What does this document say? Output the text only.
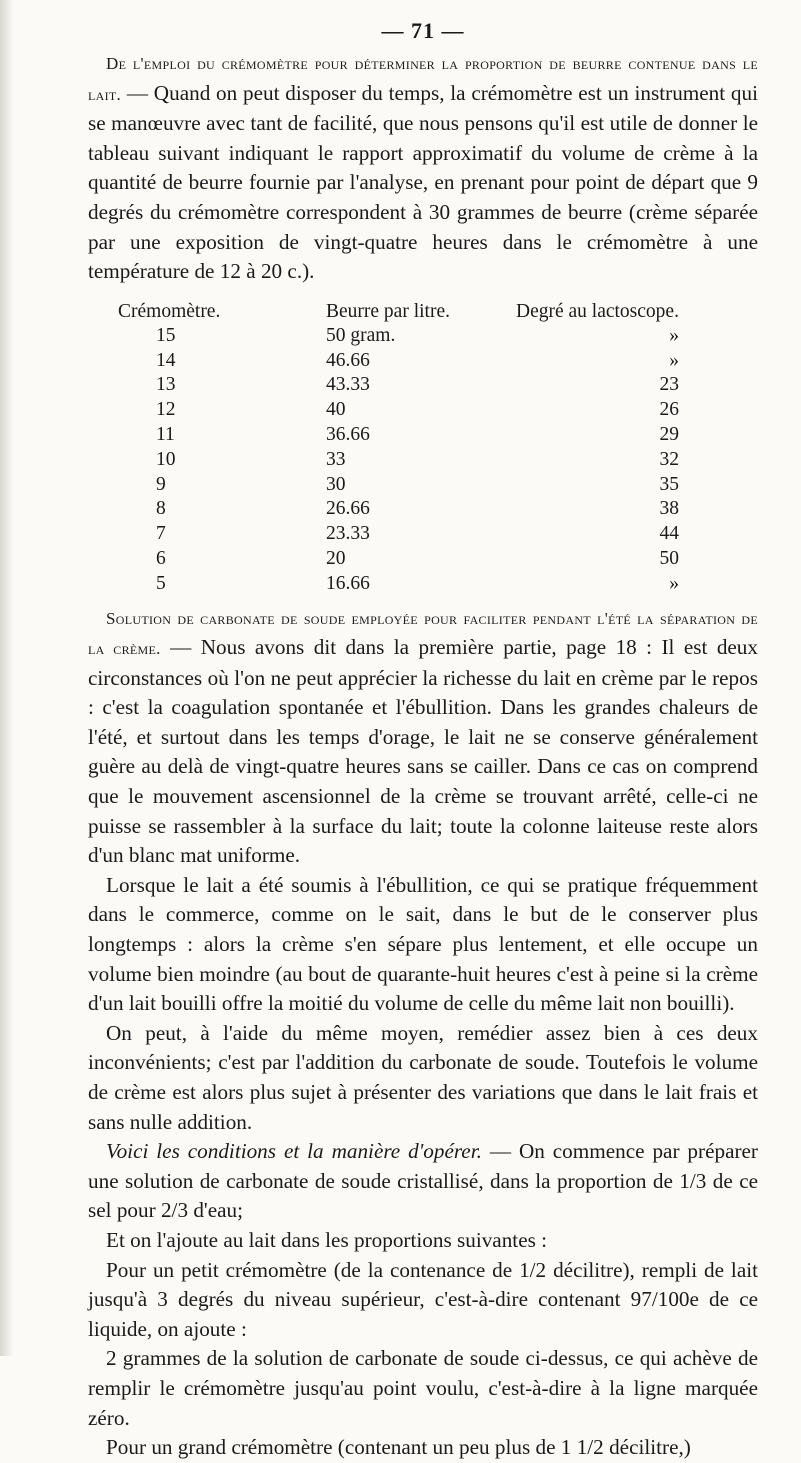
— 71 —

De l'emploi du crémomètre pour déterminer la proportion de beurre contenue dans le lait. — Quand on peut disposer du temps, la crémomètre est un instrument qui se manœuvre avec tant de facilité, que nous pensons qu'il est utile de donner le tableau suivant indiquant le rapport approximatif du volume de crème à la quantité de beurre fournie par l'analyse, en prenant pour point de départ que 9 degrés du crémomètre correspondent à 30 grammes de beurre (crème séparée par une exposition de vingt-quatre heures dans le crémomètre à une température de 12 à 20 c.).

Crémomètre.	Beurre par litre.	Degré au lactoscope.
15	50 gram.	»
14	46.66	»
13	43.33	23
12	40	26
11	36.66	29
10	33	32
9	30	35
8	26.66	38
7	23.33	44
6	20	50
5	16.66	»

Solution de carbonate de soude employée pour faciliter pendant l'été la séparation de la crème. — Nous avons dit dans la première partie, page 18 : Il est deux circonstances où l'on ne peut apprécier la richesse du lait en crème par le repos : c'est la coagulation spontanée et l'ébullition. Dans les grandes chaleurs de l'été, et surtout dans les temps d'orage, le lait ne se conserve généralement guère au delà de vingt-quatre heures sans se cailler. Dans ce cas on comprend que le mouvement ascensionnel de la crème se trouvant arrêté, celle-ci ne puisse se rassembler à la surface du lait; toute la colonne laiteuse reste alors d'un blanc mat uniforme.

Lorsque le lait a été soumis à l'ébullition, ce qui se pratique fréquemment dans le commerce, comme on le sait, dans le but de le conserver plus longtemps : alors la crème s'en sépare plus lentement, et elle occupe un volume bien moindre (au bout de quarante-huit heures c'est à peine si la crème d'un lait bouilli offre la moitié du volume de celle du même lait non bouilli).

On peut, à l'aide du même moyen, remédier assez bien à ces deux inconvénients; c'est par l'addition du carbonate de soude. Toutefois le volume de crème est alors plus sujet à présenter des variations que dans le lait frais et sans nulle addition.

Voici les conditions et la manière d'opérer. — On commence par préparer une solution de carbonate de soude cristallisé, dans la proportion de 1/3 de ce sel pour 2/3 d'eau;

Et on l'ajoute au lait dans les proportions suivantes :

Pour un petit crémomètre (de la contenance de 1/2 décilitre), rempli de lait jusqu'à 3 degrés du niveau supérieur, c'est-à-dire contenant 97/100e de ce liquide, on ajoute :

2 grammes de la solution de carbonate de soude ci-dessus, ce qui achève de remplir le crémomètre jusqu'au point voulu, c'est-à-dire à la ligne marquée zéro.

Pour un grand crémomètre (contenant un peu plus de 1 1/2 décilitre,)
